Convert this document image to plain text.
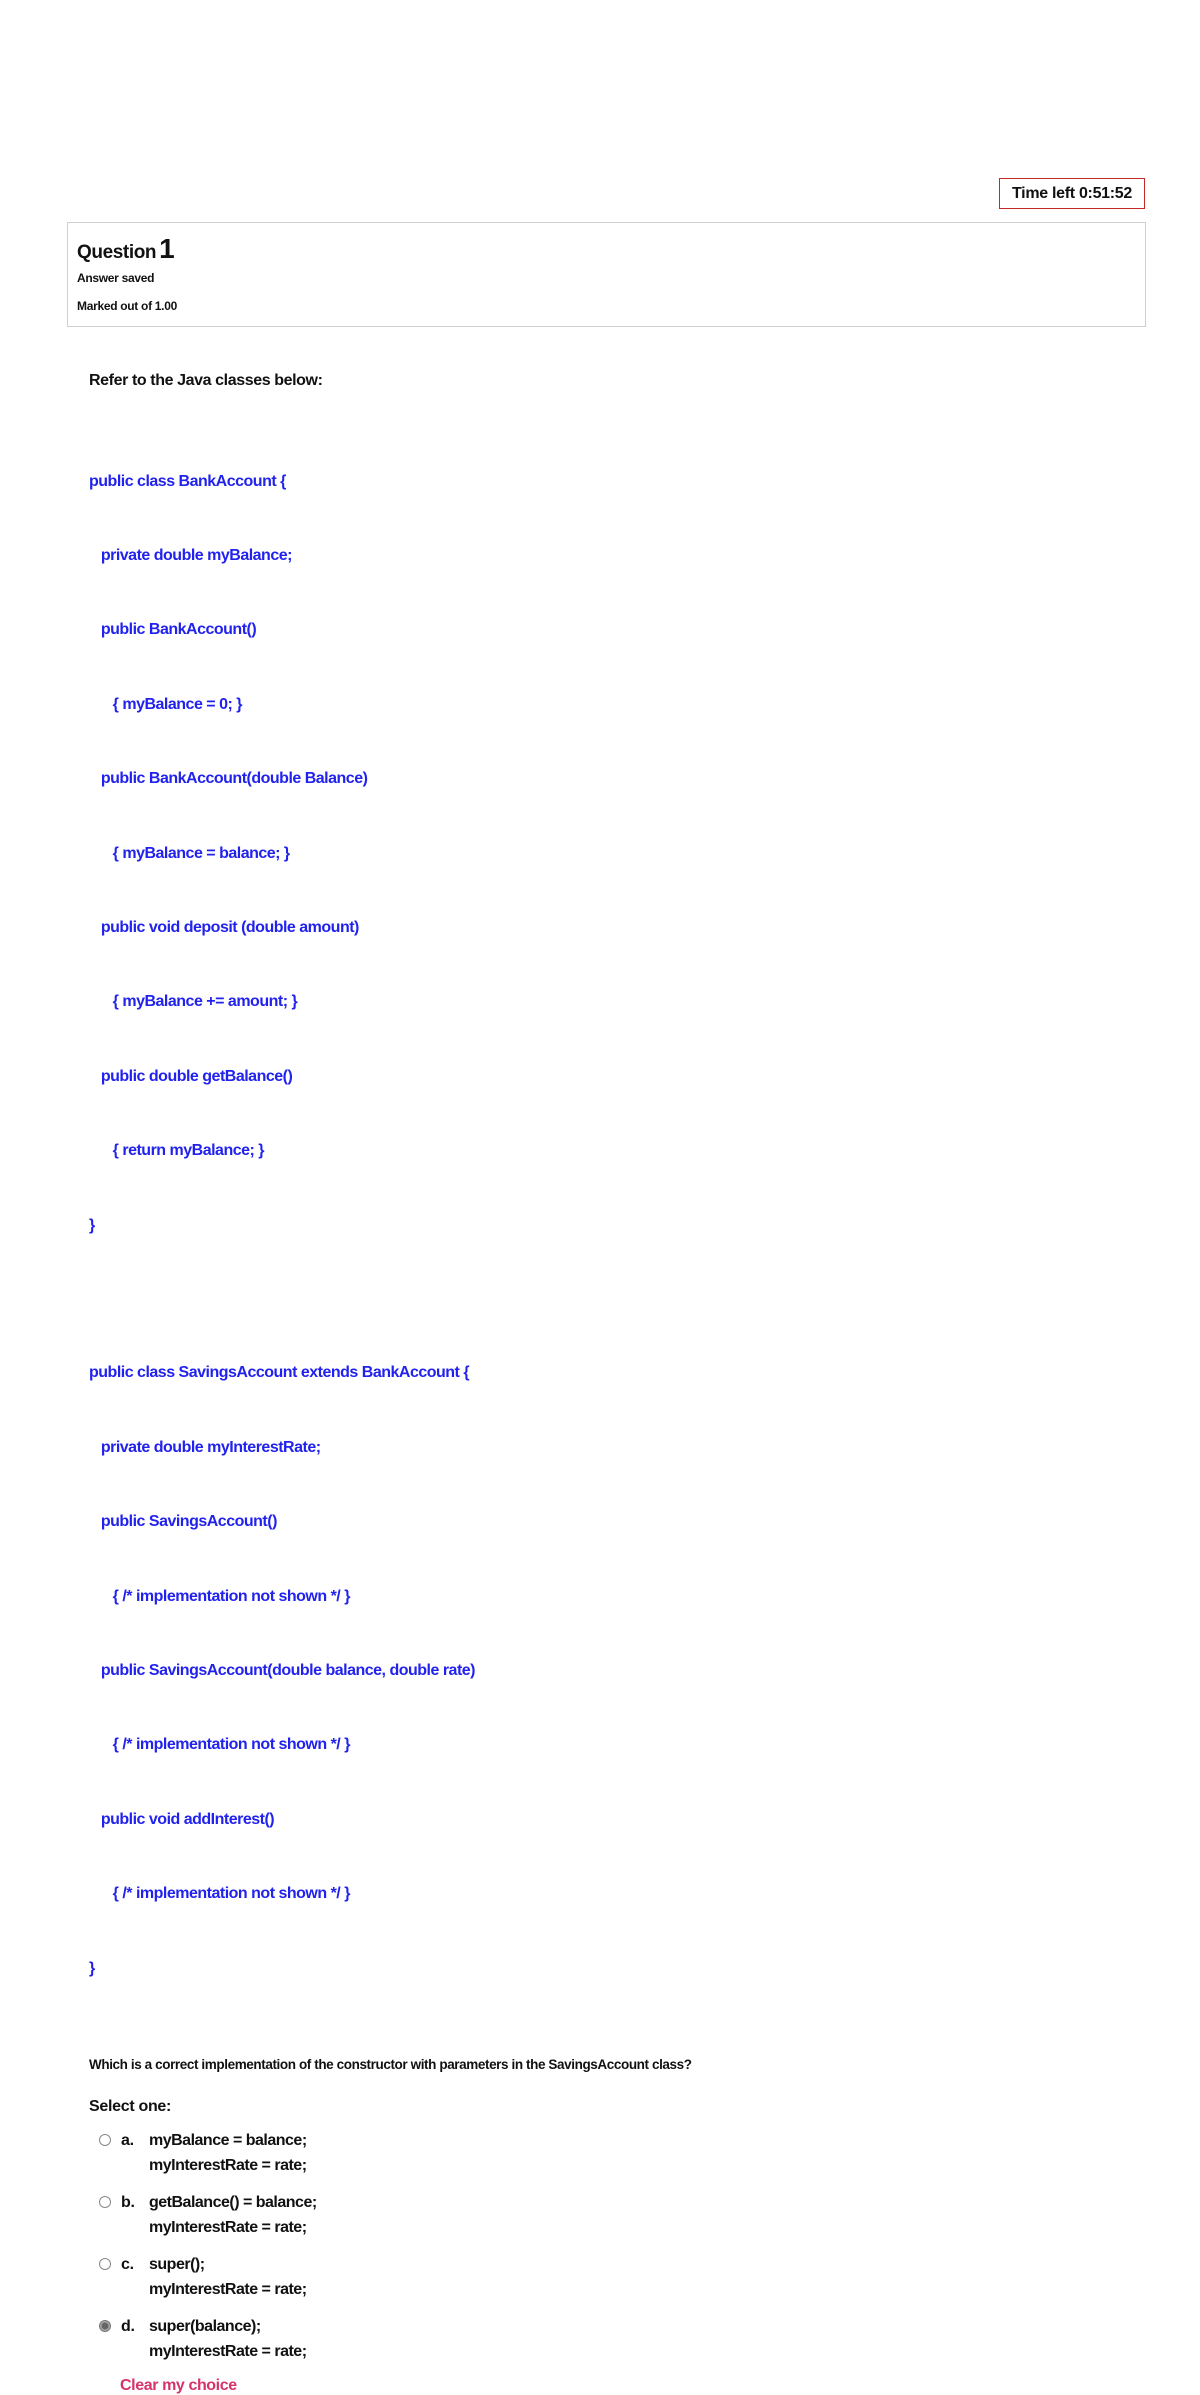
Time left 0:51:52
Question 1
Answer saved
Marked out of 1.00
Refer to the Java classes below:

public class BankAccount {

private double myBalance;

public BankAccount()

{ myBalance = 0; }

public BankAccount(double Balance)

{ myBalance = balance; }

public void deposit (double amount)

{ myBalance += amount; }

public double getBalance()

{ return myBalance; }

}

public class SavingsAccount extends BankAccount {

private double myInterestRate;

public SavingsAccount()

{ /* implementation not shown */ }

public SavingsAccount(double balance, double rate)

{ /* implementation not shown */ }

public void addInterest()

{ /* implementation not shown */ }

}

Which is a correct implementation of the constructor with parameters in the SavingsAccount class?
Select one:
a. myBalance = balance;
myInterestRate = rate;
b. getBalance() = balance;
myInterestRate = rate;
c. super();
myInterestRate = rate;
d. super(balance);
myInterestRate = rate;
Clear my choice
